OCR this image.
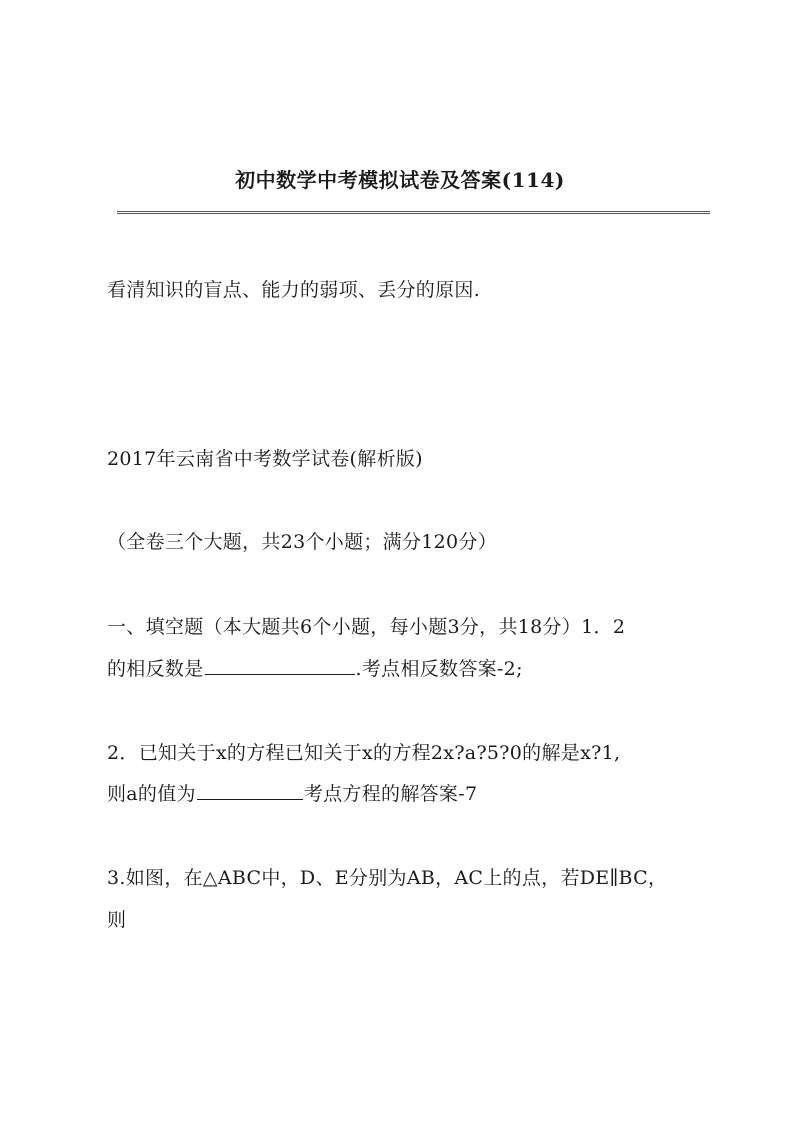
初中数学中考模拟试卷及答案(114)
看清知识的盲点、能力的弱项、丢分的原因.
2017年云南省中考数学试卷(解析版)
（全卷三个大题，共23个小题；满分120分）
一、填空题（本大题共6个小题，每小题3分，共18分）1．2
的相反数是	.考点相反数答案-2;
2．已知关于x的方程已知关于x的方程2x?a?5?0的解是x?1,
则a的值为	考点方程的解答案-7
3.如图，在△ABC中，D、E分别为AB，AC上的点，若DE∥BC，
则
